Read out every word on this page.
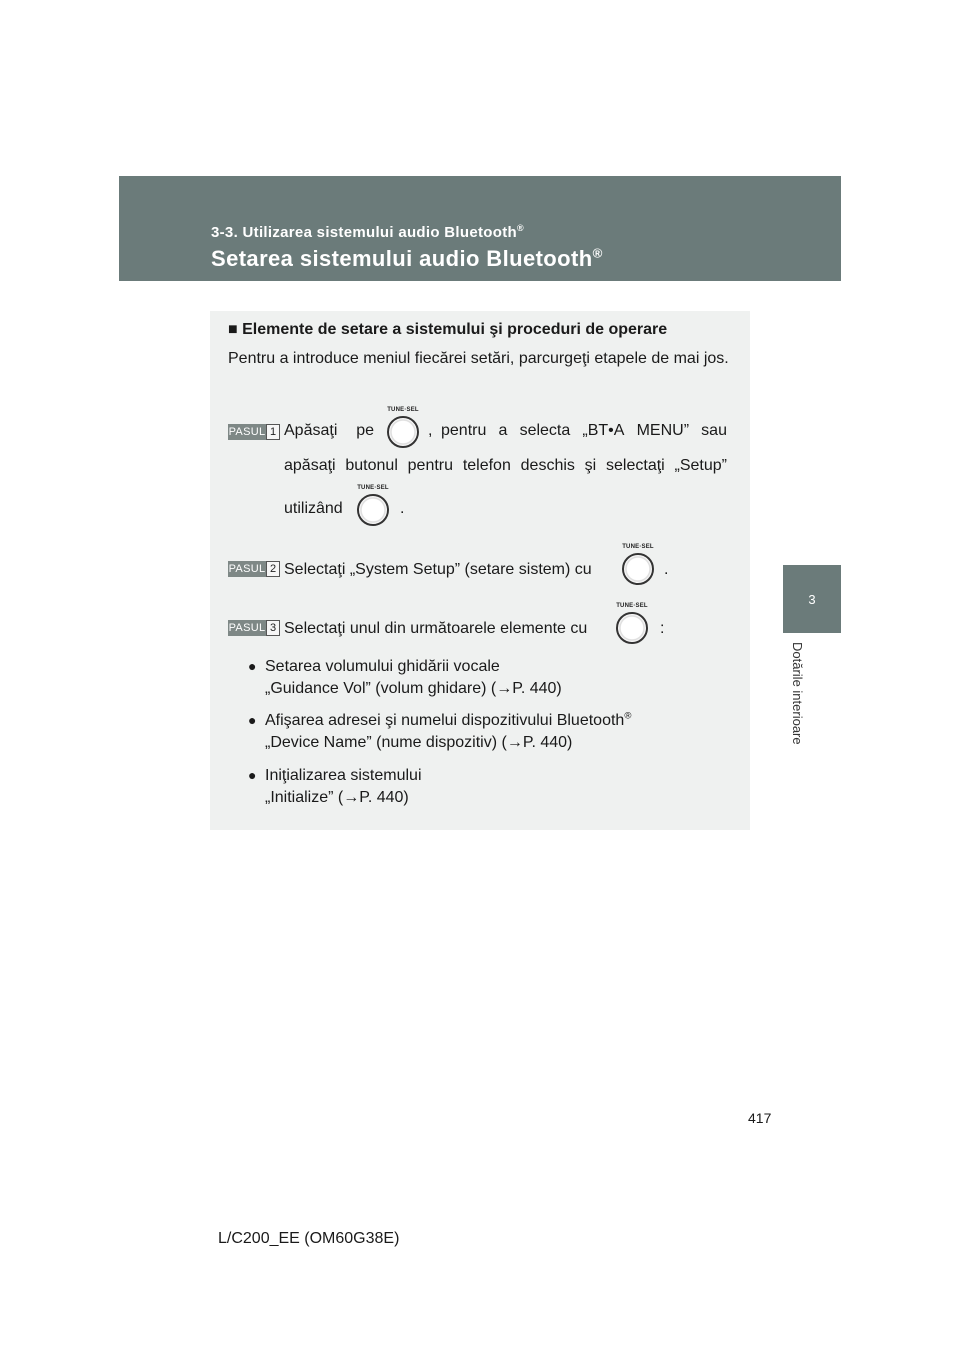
3-3. Utilizarea sistemului audio Bluetooth®
Setarea sistemului audio Bluetooth®
3
Dotările interioare
■ Elemente de setare a sistemului şi proceduri de operare
Pentru a introduce meniul fiecărei setări, parcurgeţi etapele de mai jos.
PASUL 1 Apăsaţi pe
TUNE·SEL
, pentru a selecta „BT•A MENU” sau
apăsaţi butonul pentru telefon deschis şi selectaţi „Setup”
utilizând
TUNE·SEL
.
PASUL 2 Selectaţi „System Setup” (setare sistem) cu
TUNE·SEL
.
PASUL 3 Selectaţi unul din următoarele elemente cu
TUNE·SEL
:
● Setarea volumului ghidării vocale
„Guidance Vol” (volum ghidare) (→P. 440)
● Afişarea adresei şi numelui dispozitivului Bluetooth®
„Device Name” (nume dispozitiv) (→P. 440)
● Iniţializarea sistemului
„Initialize” (→P. 440)
417
L/C200_EE (OM60G38E)
